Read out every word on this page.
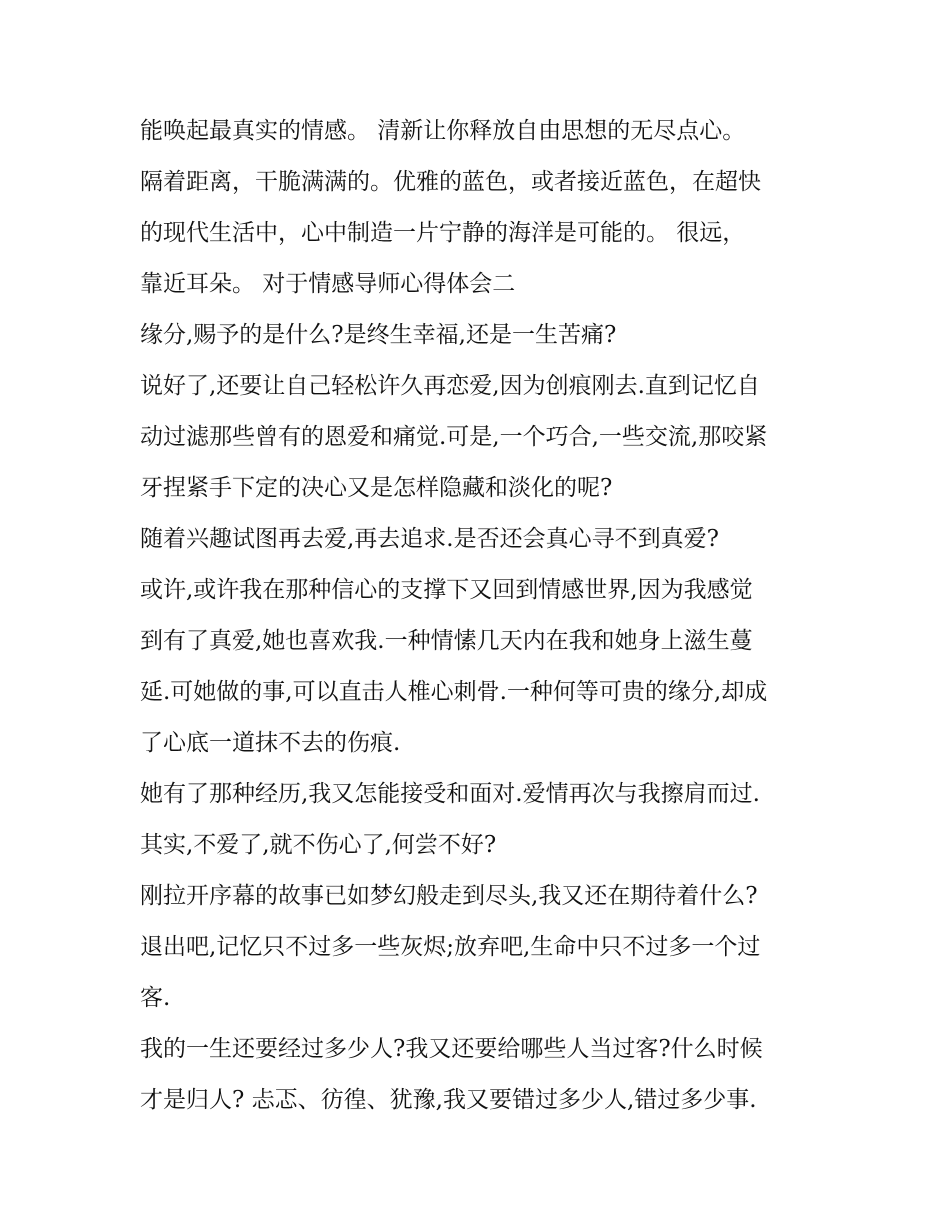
能唤起最真实的情感。 清新让你释放自由思想的无尽点心。
隔着距离，干脆满满的。优雅的蓝色，或者接近蓝色，在超快
的现代生活中，心中制造一片宁静的海洋是可能的。 很远，
靠近耳朵。 对于情感导师心得体会二
缘分,赐予的是什么?是终生幸福,还是一生苦痛?
说好了,还要让自己轻松许久再恋爱,因为创痕刚去.直到记忆自
动过滤那些曾有的恩爱和痛觉.可是,一个巧合,一些交流,那咬紧
牙捏紧手下定的决心又是怎样隐藏和淡化的呢?
随着兴趣试图再去爱,再去追求.是否还会真心寻不到真爱?
或许,或许我在那种信心的支撑下又回到情感世界,因为我感觉
到有了真爱,她也喜欢我.一种情愫几天内在我和她身上滋生蔓
延.可她做的事,可以直击人椎心刺骨.一种何等可贵的缘分,却成
了心底一道抹不去的伤痕.
她有了那种经历,我又怎能接受和面对.爱情再次与我擦肩而过.
其实,不爱了,就不伤心了,何尝不好?
刚拉开序幕的故事已如梦幻般走到尽头,我又还在期待着什么?
退出吧,记忆只不过多一些灰烬;放弃吧,生命中只不过多一个过
客.
我的一生还要经过多少人?我又还要给哪些人当过客?什么时候
才是归人? 忐忑、彷徨、犹豫,我又要错过多少人,错过多少事.
